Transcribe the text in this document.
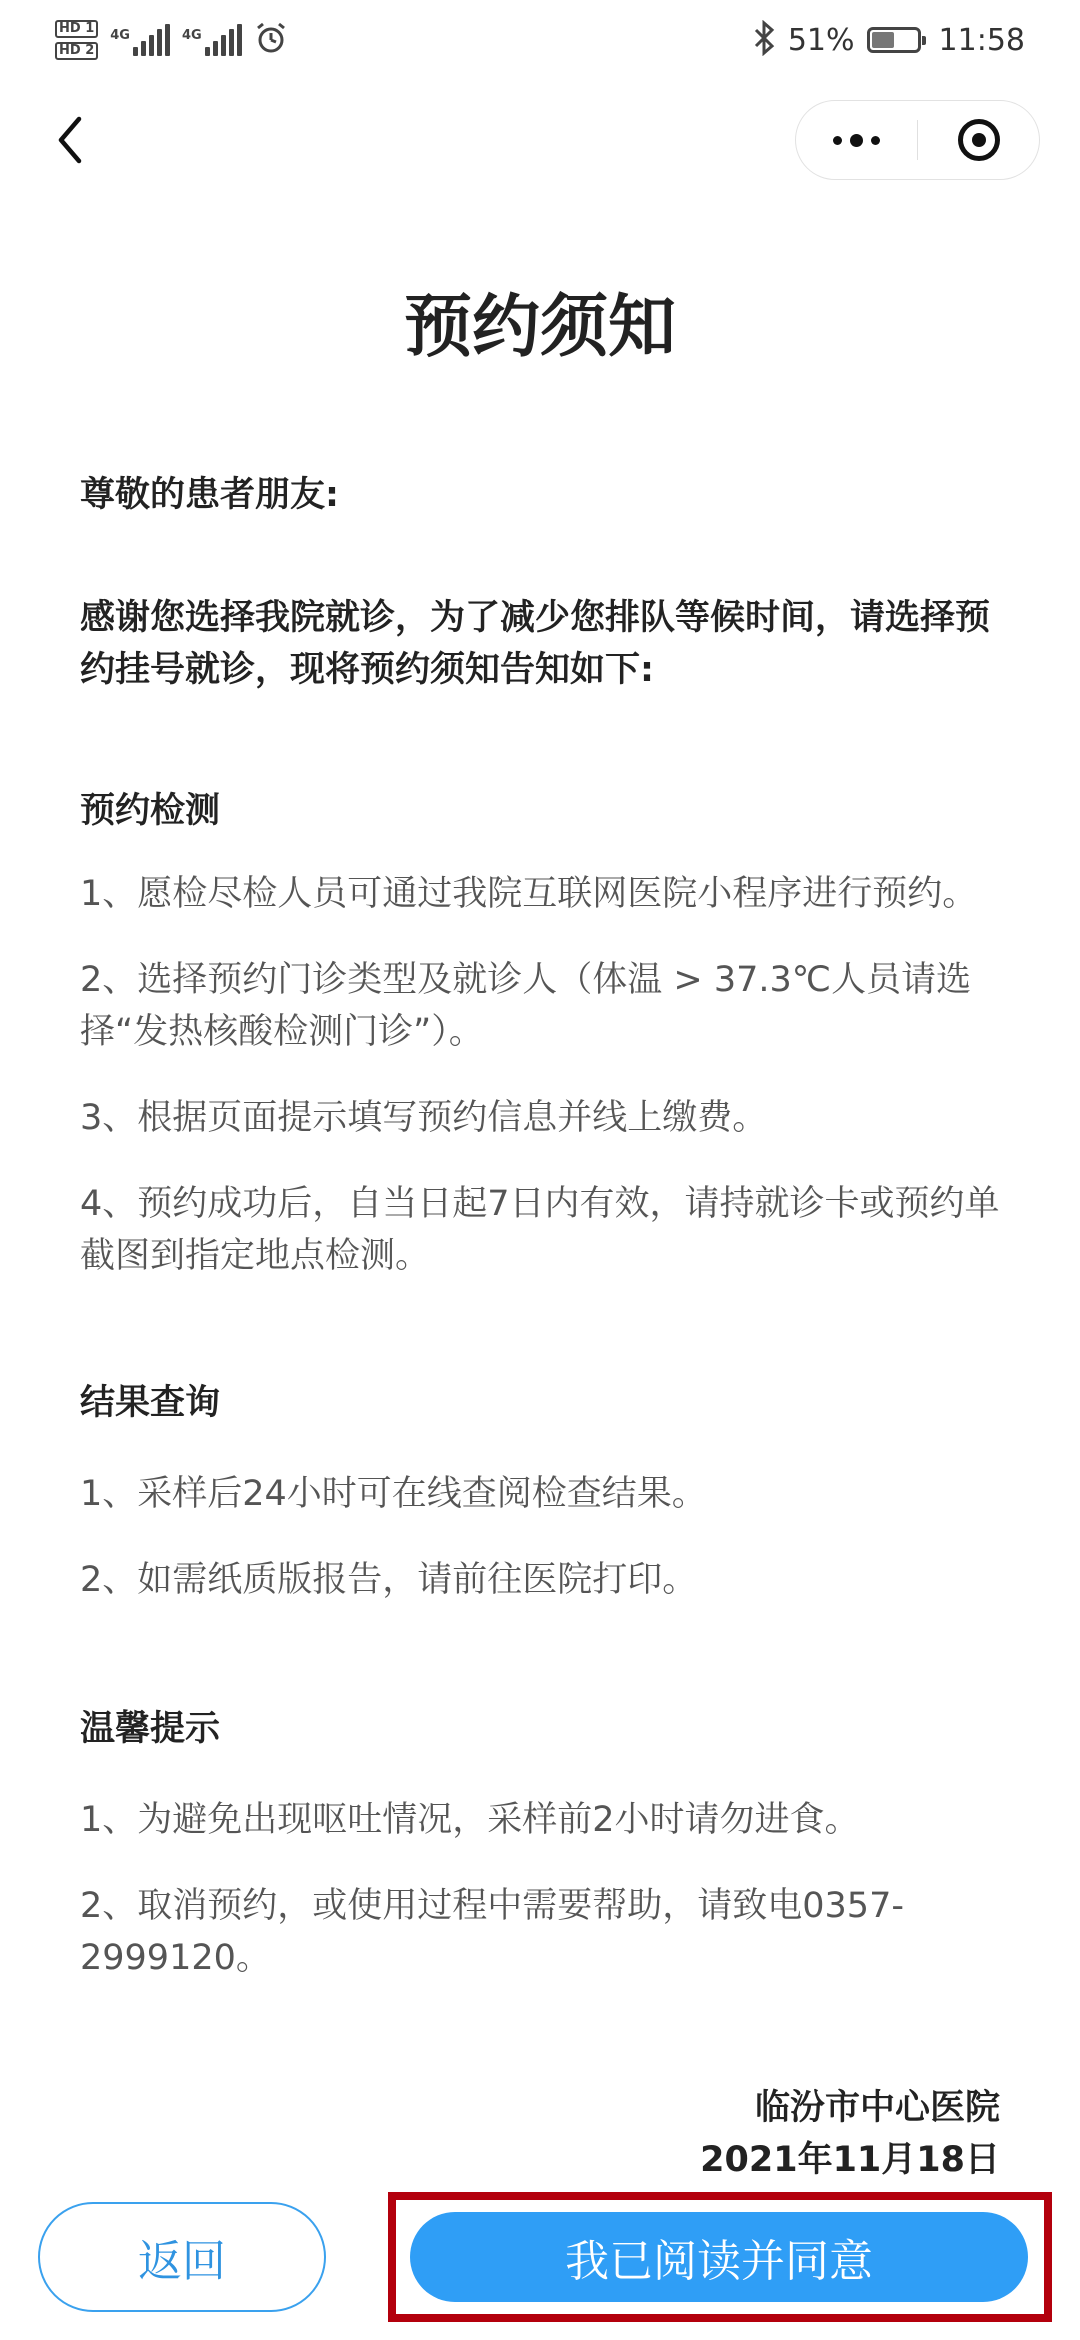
HD 1
HD 2
4G	4G	51%	11:58
预约须知
尊敬的患者朋友:
感谢您选择我院就诊，为了减少您排队等候时间，请选择预约挂号就诊，现将预约须知告知如下:
预约检测
1、愿检尽检人员可通过我院互联网医院小程序进行预约。
2、选择预约门诊类型及就诊人（体温 > 37.3℃人员请选择“发热核酸检测门诊”）。
3、根据页面提示填写预约信息并线上缴费。
4、预约成功后，自当日起7日内有效，请持就诊卡或预约单截图到指定地点检测。
结果查询
1、采样后24小时可在线查阅检查结果。
2、如需纸质版报告，请前往医院打印。
温馨提示
1、为避免出现呕吐情况，采样前2小时请勿进食。
2、取消预约，或使用过程中需要帮助，请致电0357-2999120。
临汾市中心医院
2021年11月18日
返回	我已阅读并同意
